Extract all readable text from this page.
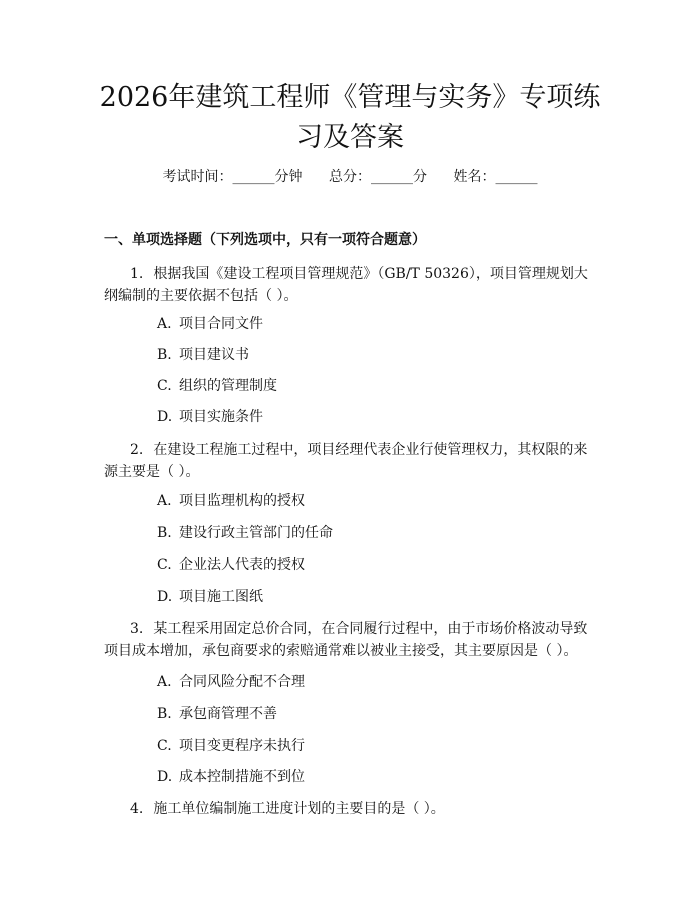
2026年建筑工程师《管理与实务》专项练习及答案
考试时间：______分钟 总分：______分 姓名：______
一、单项选择题（下列选项中，只有一项符合题意）
1. 根据我国《建设工程项目管理规范》（GB/T 50326），项目管理规划大纲编制的主要依据不包括（ ）。
A. 项目合同文件
B. 项目建议书
C. 组织的管理制度
D. 项目实施条件
2. 在建设工程施工过程中，项目经理代表企业行使管理权力，其权限的来源主要是（ ）。
A. 项目监理机构的授权
B. 建设行政主管部门的任命
C. 企业法人代表的授权
D. 项目施工图纸
3. 某工程采用固定总价合同，在合同履行过程中，由于市场价格波动导致项目成本增加，承包商要求的索赔通常难以被业主接受，其主要原因是（ ）。
A. 合同风险分配不合理
B. 承包商管理不善
C. 项目变更程序未执行
D. 成本控制措施不到位
4. 施工单位编制施工进度计划的主要目的是（ ）。
